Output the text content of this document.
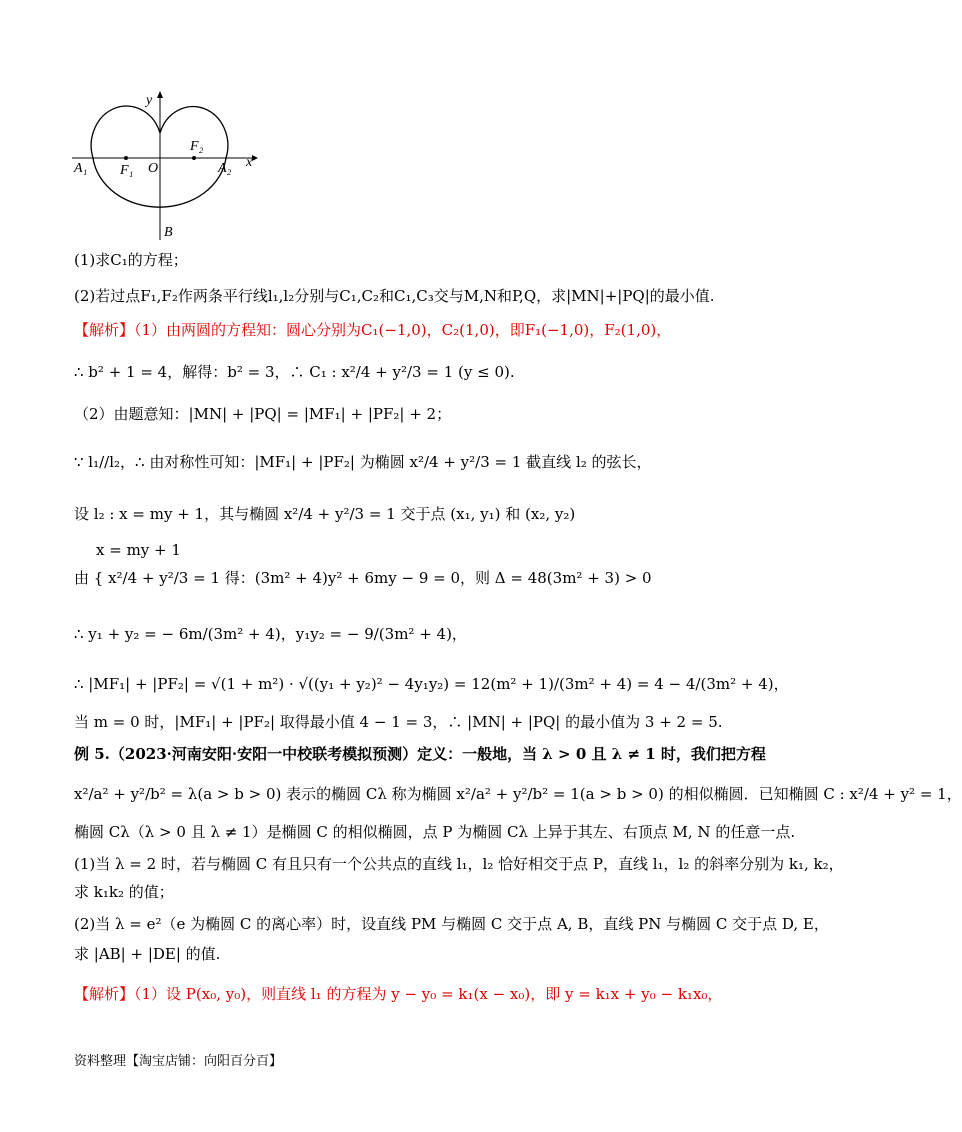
y
x
F₂
F₁ O
A₁	A₂
B
(1)求C₁的方程；
(2)若过点F₁,F₂作两条平行线l₁,l₂分别与C₁,C₂和C₁,C₃交与M,N和P,Q，求|MN|+|PQ|的最小值.
【解析】（1）由两圆的方程知：圆心分别为C₁(−1,0)，C₂(1,0)，即F₁(−1,0)，F₂(1,0)，
∴ b² + 1 = 4，解得：b² = 3，∴ C₁ : x²/4 + y²/3 = 1 (y ≤ 0).
（2）由题意知：|MN| + |PQ| = |MF₁| + |PF₂| + 2；
∵ l₁//l₂，∴ 由对称性可知：|MF₁| + |PF₂| 为椭圆 x²/4 + y²/3 = 1 截直线 l₂ 的弦长，
设 l₂ : x = my + 1，其与椭圆 x²/4 + y²/3 = 1 交于点 (x₁, y₁) 和 (x₂, y₂)
x = my + 1
由 { x²/4 + y²/3 = 1 得：(3m² + 4)y² + 6my − 9 = 0，则 Δ = 48(3m² + 3) > 0
∴ y₁ + y₂ = − 6m/(3m² + 4)，y₁y₂ = − 9/(3m² + 4)，
∴ |MF₁| + |PF₂| = √(1 + m²) · √((y₁ + y₂)² − 4y₁y₂) = 12(m² + 1)/(3m² + 4) = 4 − 4/(3m² + 4)，
当 m = 0 时，|MF₁| + |PF₂| 取得最小值 4 − 1 = 3，∴ |MN| + |PQ| 的最小值为 3 + 2 = 5.
例 5.（2023·河南安阳·安阳一中校联考模拟预测）定义：一般地，当 λ > 0 且 λ ≠ 1 时，我们把方程
x²/a² + y²/b² = λ(a > b > 0) 表示的椭圆 Cλ 称为椭圆 x²/a² + y²/b² = 1(a > b > 0) 的相似椭圆．已知椭圆 C : x²/4 + y² = 1，
椭圆 Cλ（λ > 0 且 λ ≠ 1）是椭圆 C 的相似椭圆，点 P 为椭圆 Cλ 上异于其左、右顶点 M, N 的任意一点.
(1)当 λ = 2 时，若与椭圆 C 有且只有一个公共点的直线 l₁，l₂ 恰好相交于点 P，直线 l₁，l₂ 的斜率分别为 k₁, k₂，
求 k₁k₂ 的值；
(2)当 λ = e²（e 为椭圆 C 的离心率）时，设直线 PM 与椭圆 C 交于点 A, B，直线 PN 与椭圆 C 交于点 D, E，
求 |AB| + |DE| 的值.
【解析】（1）设 P(x₀, y₀)，则直线 l₁ 的方程为 y − y₀ = k₁(x − x₀)，即 y = k₁x + y₀ − k₁x₀，
资料整理【淘宝店铺：向阳百分百】
